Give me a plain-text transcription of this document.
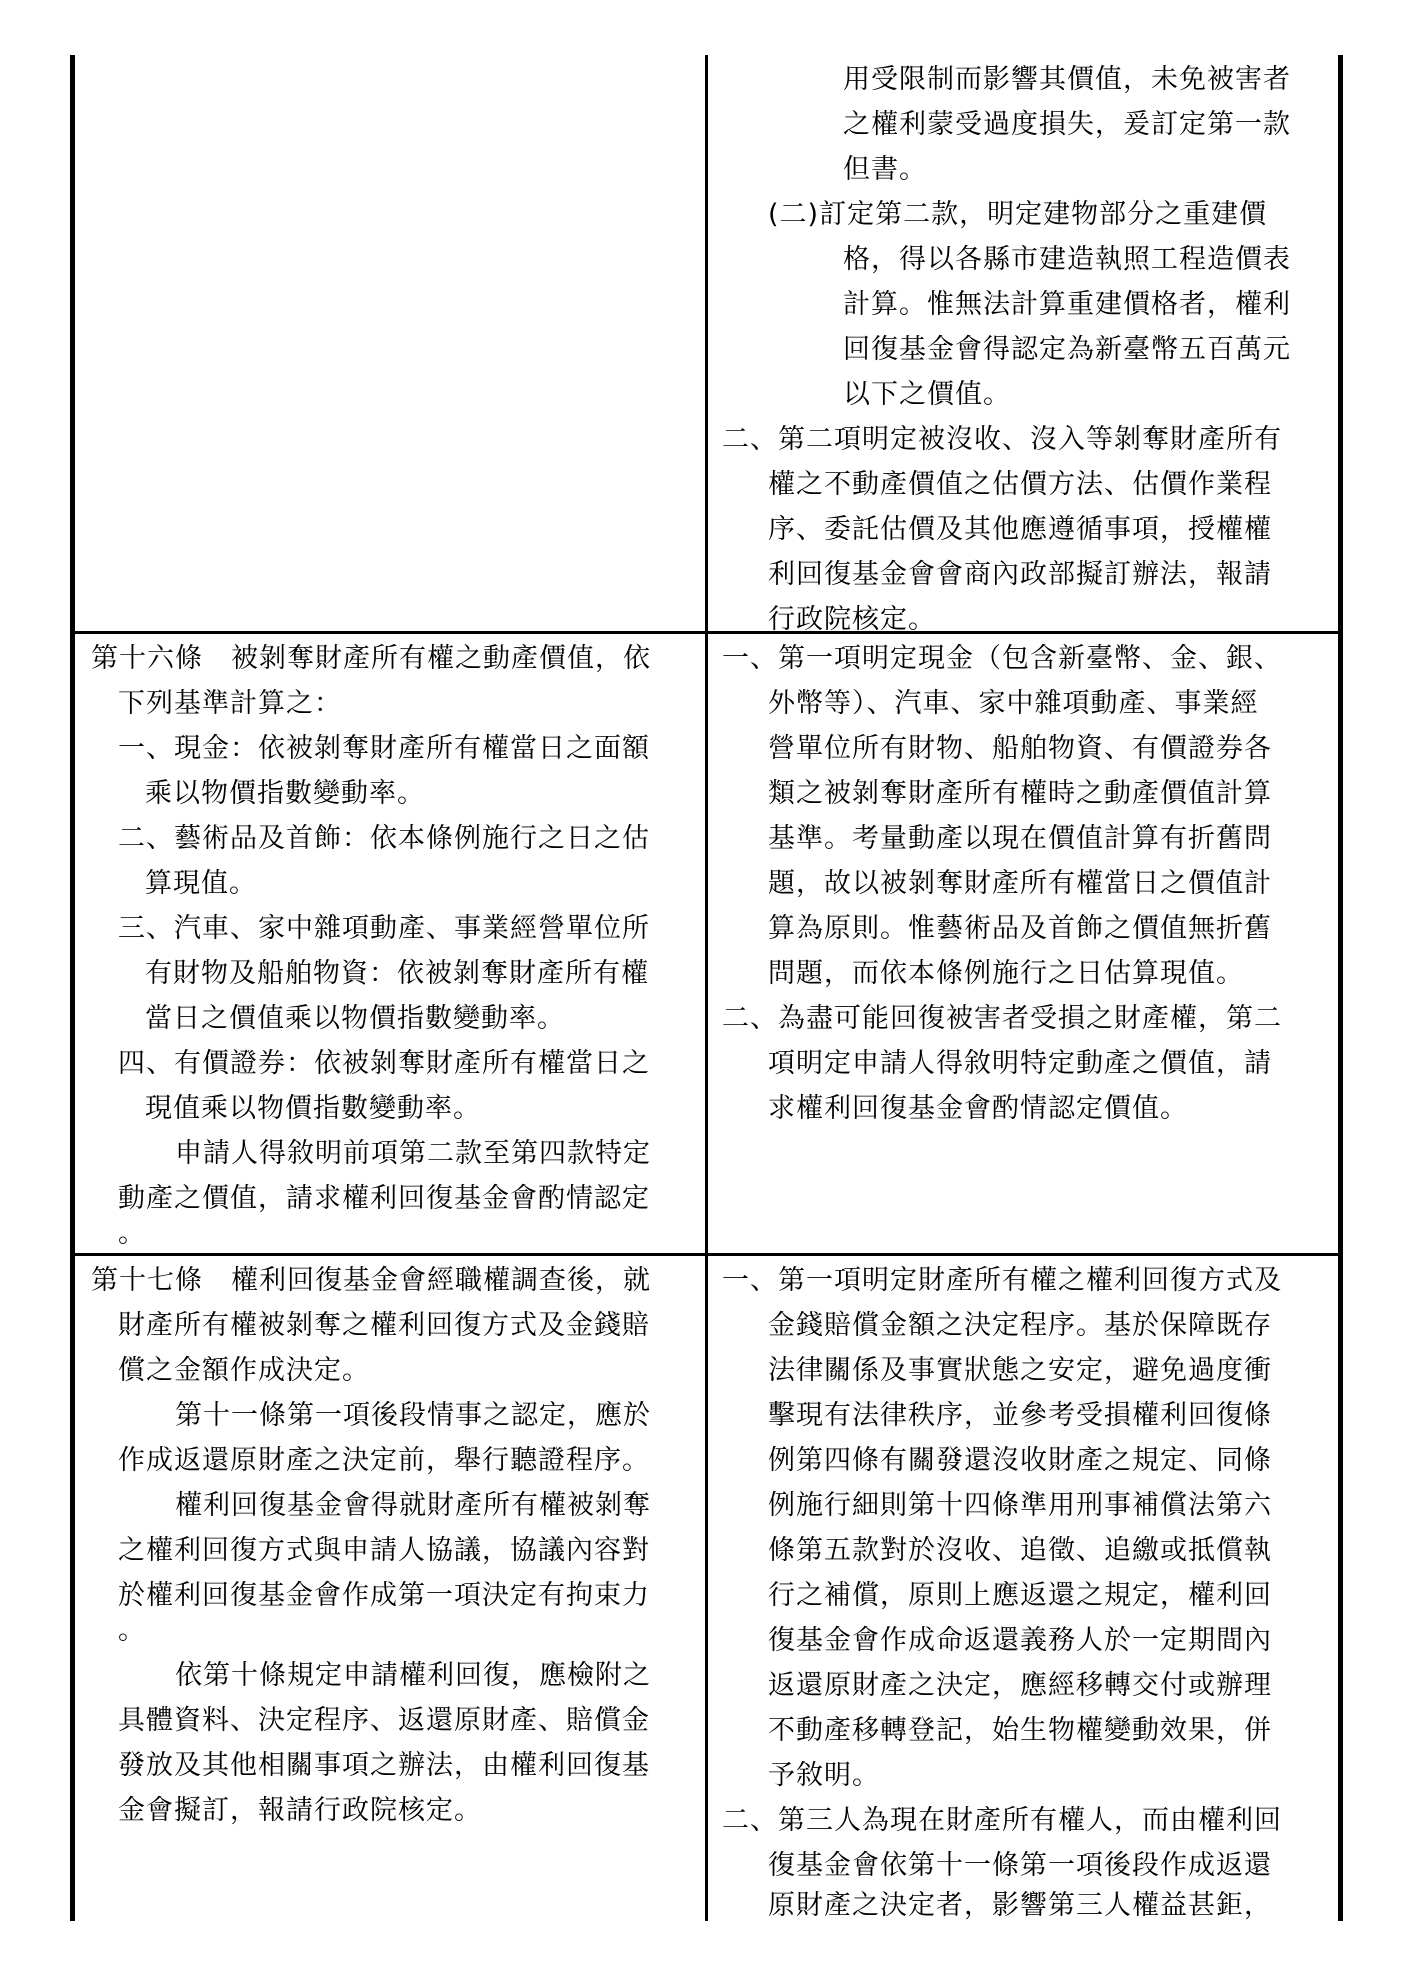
用受限制而影響其價值，未免被害者
之權利蒙受過度損失，爰訂定第一款
但書。
(二)訂定第二款，明定建物部分之重建價
格，得以各縣市建造執照工程造價表
計算。惟無法計算重建價格者，權利
回復基金會得認定為新臺幣五百萬元
以下之價值。
二、第二項明定被沒收、沒入等剝奪財產所有
權之不動產價值之估價方法、估價作業程
序、委託估價及其他應遵循事項，授權權
利回復基金會會商內政部擬訂辦法，報請
行政院核定。
第十六條　被剝奪財產所有權之動產價值，依
下列基準計算之：
一、現金：依被剝奪財產所有權當日之面額
乘以物價指數變動率。
二、藝術品及首飾：依本條例施行之日之估
算現值。
三、汽車、家中雜項動產、事業經營單位所
有財物及船舶物資：依被剝奪財產所有權
當日之價值乘以物價指數變動率。
四、有價證券：依被剝奪財產所有權當日之
現值乘以物價指數變動率。
申請人得敘明前項第二款至第四款特定
動產之價值，請求權利回復基金會酌情認定
。
一、第一項明定現金（包含新臺幣、金、銀、
外幣等）、汽車、家中雜項動產、事業經
營單位所有財物、船舶物資、有價證券各
類之被剝奪財產所有權時之動產價值計算
基準。考量動產以現在價值計算有折舊問
題，故以被剝奪財產所有權當日之價值計
算為原則。惟藝術品及首飾之價值無折舊
問題，而依本條例施行之日估算現值。
二、為盡可能回復被害者受損之財產權，第二
項明定申請人得敘明特定動產之價值，請
求權利回復基金會酌情認定價值。
第十七條　權利回復基金會經職權調查後，就
財產所有權被剝奪之權利回復方式及金錢賠
償之金額作成決定。
第十一條第一項後段情事之認定，應於
作成返還原財產之決定前，舉行聽證程序。
權利回復基金會得就財產所有權被剝奪
之權利回復方式與申請人協議，協議內容對
於權利回復基金會作成第一項決定有拘束力
。
依第十條規定申請權利回復，應檢附之
具體資料、決定程序、返還原財產、賠償金
發放及其他相關事項之辦法，由權利回復基
金會擬訂，報請行政院核定。
一、第一項明定財產所有權之權利回復方式及
金錢賠償金額之決定程序。基於保障既存
法律關係及事實狀態之安定，避免過度衝
擊現有法律秩序，並參考受損權利回復條
例第四條有關發還沒收財產之規定、同條
例施行細則第十四條準用刑事補償法第六
條第五款對於沒收、追徵、追繳或抵償執
行之補償，原則上應返還之規定，權利回
復基金會作成命返還義務人於一定期間內
返還原財產之決定，應經移轉交付或辦理
不動產移轉登記，始生物權變動效果，併
予敘明。
二、第三人為現在財產所有權人，而由權利回
復基金會依第十一條第一項後段作成返還
原財產之決定者，影響第三人權益甚鉅，
